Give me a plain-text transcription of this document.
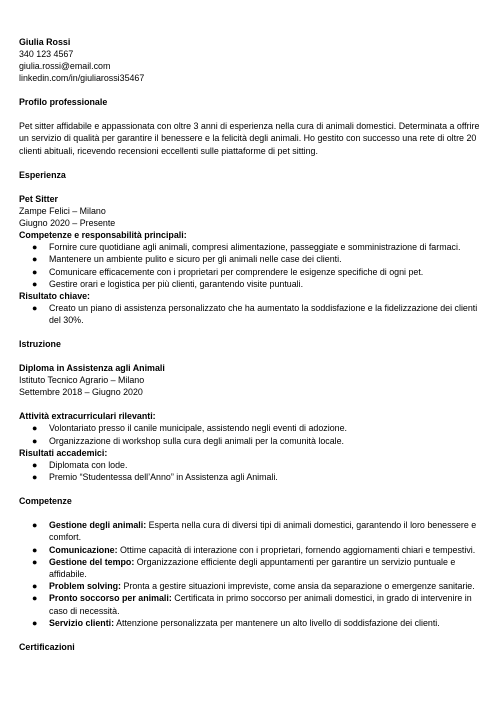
Giulia Rossi
340 123 4567
giulia.rossi@email.com
linkedin.com/in/giuliarossi35467
Profilo professionale
Pet sitter affidabile e appassionata con oltre 3 anni di esperienza nella cura di animali domestici. Determinata a offrire un servizio di qualità per garantire il benessere e la felicità degli animali. Ho gestito con successo una rete di oltre 20 clienti abituali, ricevendo recensioni eccellenti sulle piattaforme di pet sitting.
Esperienza
Pet Sitter
Zampe Felici – Milano
Giugno 2020 – Presente
Competenze e responsabilità principali:
● Fornire cure quotidiane agli animali, compresi alimentazione, passeggiate e somministrazione di farmaci.
● Mantenere un ambiente pulito e sicuro per gli animali nelle case dei clienti.
● Comunicare efficacemente con i proprietari per comprendere le esigenze specifiche di ogni pet.
● Gestire orari e logistica per più clienti, garantendo visite puntuali.
Risultato chiave:
● Creato un piano di assistenza personalizzato che ha aumentato la soddisfazione e la fidelizzazione dei clienti del 30%.
Istruzione
Diploma in Assistenza agli Animali
Istituto Tecnico Agrario – Milano
Settembre 2018 – Giugno 2020
Attività extracurriculari rilevanti:
● Volontariato presso il canile municipale, assistendo negli eventi di adozione.
● Organizzazione di workshop sulla cura degli animali per la comunità locale.
Risultati accademici:
● Diplomata con lode.
● Premio “Studentessa dell’Anno” in Assistenza agli Animali.
Competenze
● Gestione degli animali: Esperta nella cura di diversi tipi di animali domestici, garantendo il loro benessere e comfort.
● Comunicazione: Ottime capacità di interazione con i proprietari, fornendo aggiornamenti chiari e tempestivi.
● Gestione del tempo: Organizzazione efficiente degli appuntamenti per garantire un servizio puntuale e affidabile.
● Problem solving: Pronta a gestire situazioni impreviste, come ansia da separazione o emergenze sanitarie.
● Pronto soccorso per animali: Certificata in primo soccorso per animali domestici, in grado di intervenire in caso di necessità.
● Servizio clienti: Attenzione personalizzata per mantenere un alto livello di soddisfazione dei clienti.
Certificazioni
